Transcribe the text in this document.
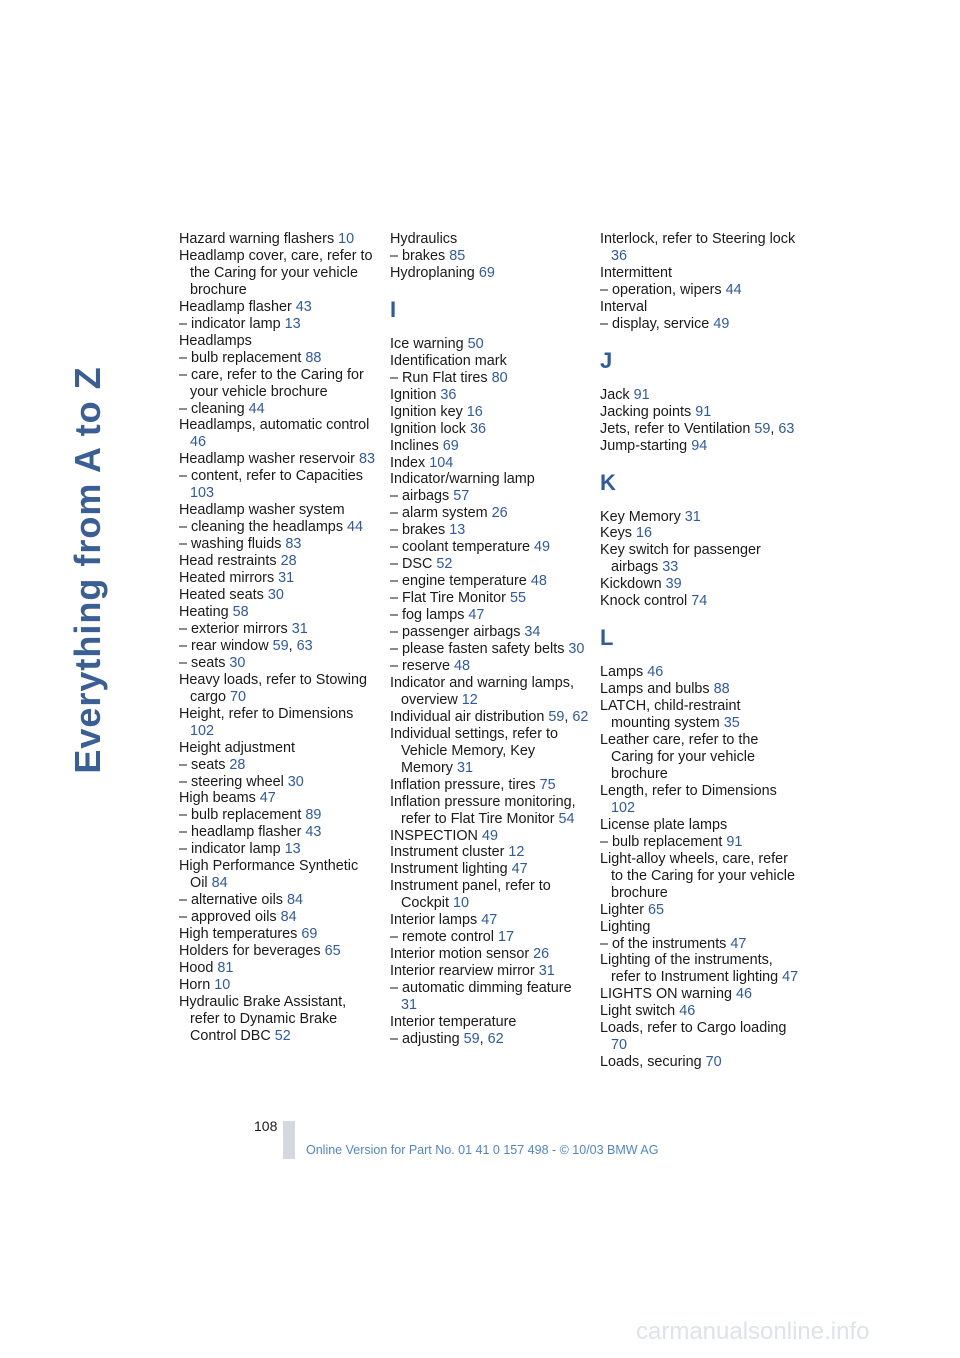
Everything from A to Z
Hazard warning flashers 10
Headlamp cover, care, refer to the Caring for your vehicle brochure
Headlamp flasher 43
– indicator lamp 13
Headlamps
– bulb replacement 88
– care, refer to the Caring for your vehicle brochure
– cleaning 44
Headlamps, automatic control 46
Headlamp washer reservoir 83
– content, refer to Capacities 103
Headlamp washer system
– cleaning the headlamps 44
– washing fluids 83
Head restraints 28
Heated mirrors 31
Heated seats 30
Heating 58
– exterior mirrors 31
– rear window 59, 63
– seats 30
Heavy loads, refer to Stowing cargo 70
Height, refer to Dimensions 102
Height adjustment
– seats 28
– steering wheel 30
High beams 47
– bulb replacement 89
– headlamp flasher 43
– indicator lamp 13
High Performance Synthetic Oil 84
– alternative oils 84
– approved oils 84
High temperatures 69
Holders for beverages 65
Hood 81
Horn 10
Hydraulic Brake Assistant, refer to Dynamic Brake Control DBC 52
Hydraulics
– brakes 85
Hydroplaning 69
I
Ice warning 50
Identification mark
– Run Flat tires 80
Ignition 36
Ignition key 16
Ignition lock 36
Inclines 69
Index 104
Indicator/warning lamp
– airbags 57
– alarm system 26
– brakes 13
– coolant temperature 49
– DSC 52
– engine temperature 48
– Flat Tire Monitor 55
– fog lamps 47
– passenger airbags 34
– please fasten safety belts 30
– reserve 48
Indicator and warning lamps, overview 12
Individual air distribution 59, 62
Individual settings, refer to Vehicle Memory, Key Memory 31
Inflation pressure, tires 75
Inflation pressure monitoring, refer to Flat Tire Monitor 54
INSPECTION 49
Instrument cluster 12
Instrument lighting 47
Instrument panel, refer to Cockpit 10
Interior lamps 47
– remote control 17
Interior motion sensor 26
Interior rearview mirror 31
– automatic dimming feature 31
Interior temperature
– adjusting 59, 62
Interlock, refer to Steering lock 36
Intermittent
– operation, wipers 44
Interval
– display, service 49
J
Jack 91
Jacking points 91
Jets, refer to Ventilation 59, 63
Jump-starting 94
K
Key Memory 31
Keys 16
Key switch for passenger airbags 33
Kickdown 39
Knock control 74
L
Lamps 46
Lamps and bulbs 88
LATCH, child-restraint mounting system 35
Leather care, refer to the Caring for your vehicle brochure
Length, refer to Dimensions 102
License plate lamps
– bulb replacement 91
Light-alloy wheels, care, refer to the Caring for your vehicle brochure
Lighter 65
Lighting
– of the instruments 47
Lighting of the instruments, refer to Instrument lighting 47
LIGHTS ON warning 46
Light switch 46
Loads, refer to Cargo loading 70
Loads, securing 70
108
Online Version for Part No. 01 41 0 157 498 - © 10/03 BMW AG
carmanualsonline.info
